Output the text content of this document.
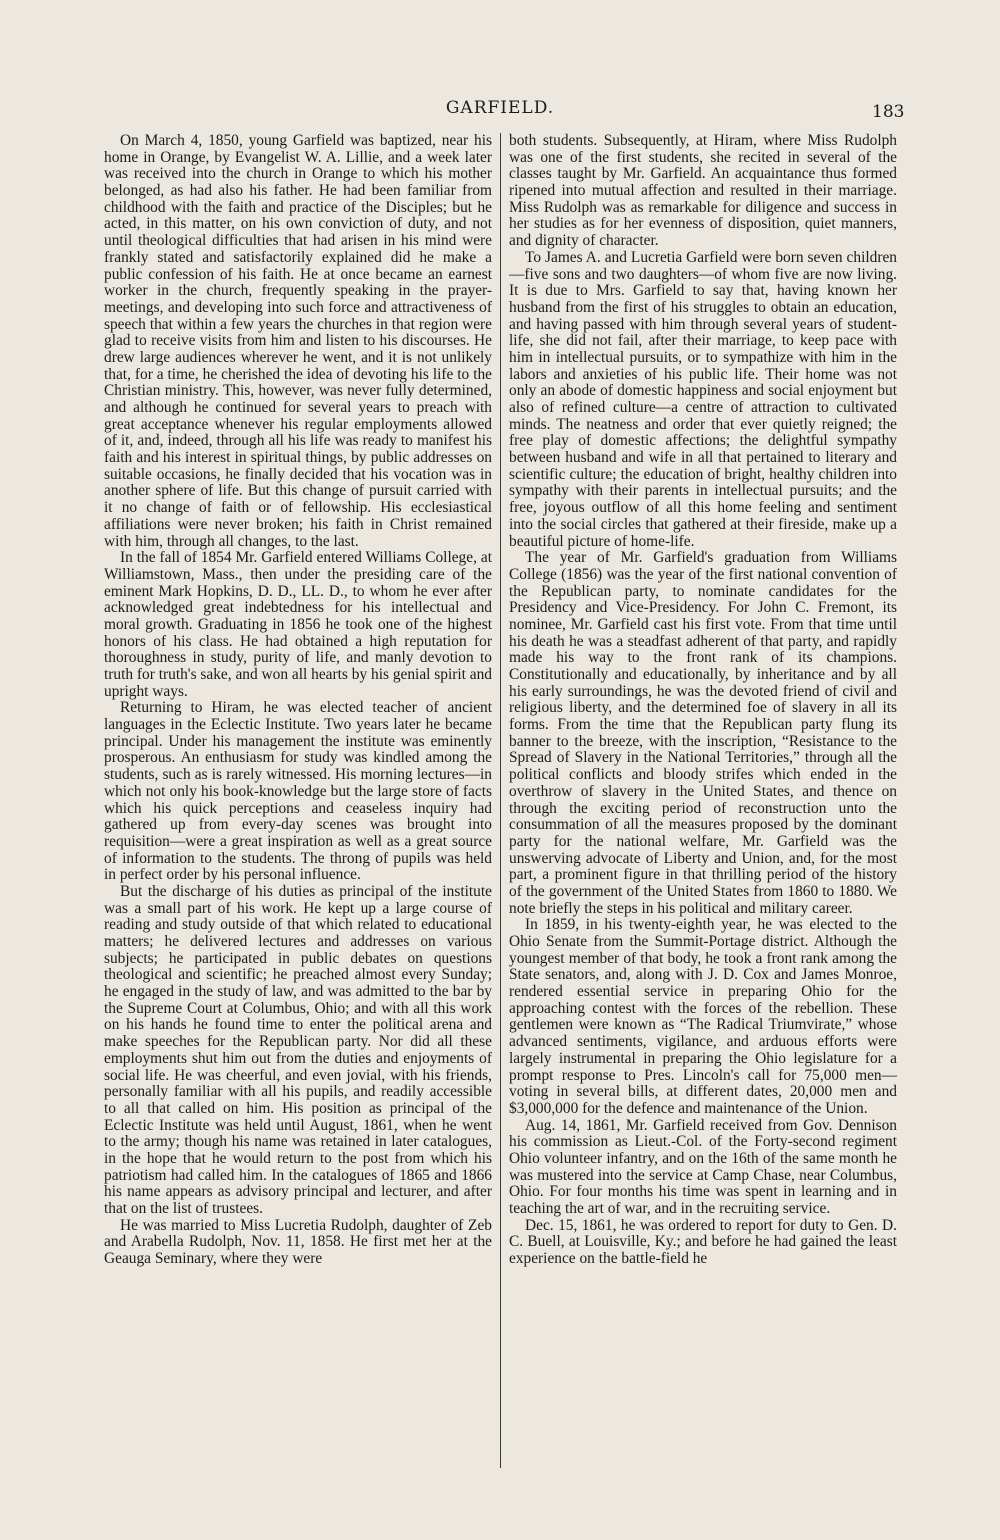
GARFIELD.	183

On March 4, 1850, young Garfield was baptized, near his home in Orange, by Evangelist W. A. Lillie, and a week later was received into the church in Orange to which his mother belonged, as had also his father. He had been familiar from childhood with the faith and practice of the Disciples; but he acted, in this matter, on his own conviction of duty, and not until theological difficulties that had arisen in his mind were frankly stated and satisfactorily explained did he make a public confession of his faith. He at once became an earnest worker in the church, frequently speaking in the prayer-meetings, and developing into such force and attractiveness of speech that within a few years the churches in that region were glad to receive visits from him and listen to his discourses. He drew large audiences wherever he went, and it is not unlikely that, for a time, he cherished the idea of devoting his life to the Christian ministry. This, however, was never fully determined, and although he continued for several years to preach with great acceptance whenever his regular employments allowed of it, and, indeed, through all his life was ready to manifest his faith and his interest in spiritual things, by public addresses on suitable occasions, he finally decided that his vocation was in another sphere of life. But this change of pursuit carried with it no change of faith or of fellowship. His ecclesiastical affiliations were never broken; his faith in Christ remained with him, through all changes, to the last.

In the fall of 1854 Mr. Garfield entered Williams College, at Williamstown, Mass., then under the presiding care of the eminent Mark Hopkins, D. D., LL. D., to whom he ever after acknowledged great indebtedness for his intellectual and moral growth. Graduating in 1856 he took one of the highest honors of his class. He had obtained a high reputation for thoroughness in study, purity of life, and manly devotion to truth for truth's sake, and won all hearts by his genial spirit and upright ways.

Returning to Hiram, he was elected teacher of ancient languages in the Eclectic Institute. Two years later he became principal. Under his management the institute was eminently prosperous. An enthusiasm for study was kindled among the students, such as is rarely witnessed. His morning lectures—in which not only his book-knowledge but the large store of facts which his quick perceptions and ceaseless inquiry had gathered up from every-day scenes was brought into requisition—were a great inspiration as well as a great source of information to the students. The throng of pupils was held in perfect order by his personal influence.

But the discharge of his duties as principal of the institute was a small part of his work. He kept up a large course of reading and study outside of that which related to educational matters; he delivered lectures and addresses on various subjects; he participated in public debates on questions theological and scientific; he preached almost every Sunday; he engaged in the study of law, and was admitted to the bar by the Supreme Court at Columbus, Ohio; and with all this work on his hands he found time to enter the political arena and make speeches for the Republican party. Nor did all these employments shut him out from the duties and enjoyments of social life. He was cheerful, and even jovial, with his friends, personally familiar with all his pupils, and readily accessible to all that called on him. His position as principal of the Eclectic Institute was held until August, 1861, when he went to the army; though his name was retained in later catalogues, in the hope that he would return to the post from which his patriotism had called him. In the catalogues of 1865 and 1866 his name appears as advisory principal and lecturer, and after that on the list of trustees.

He was married to Miss Lucretia Rudolph, daughter of Zeb and Arabella Rudolph, Nov. 11, 1858. He first met her at the Geauga Seminary, where they were

both students. Subsequently, at Hiram, where Miss Rudolph was one of the first students, she recited in several of the classes taught by Mr. Garfield. An acquaintance thus formed ripened into mutual affection and resulted in their marriage. Miss Rudolph was as remarkable for diligence and success in her studies as for her evenness of disposition, quiet manners, and dignity of character.

To James A. and Lucretia Garfield were born seven children—five sons and two daughters—of whom five are now living. It is due to Mrs. Garfield to say that, having known her husband from the first of his struggles to obtain an education, and having passed with him through several years of student-life, she did not fail, after their marriage, to keep pace with him in intellectual pursuits, or to sympathize with him in the labors and anxieties of his public life. Their home was not only an abode of domestic happiness and social enjoyment but also of refined culture—a centre of attraction to cultivated minds. The neatness and order that ever quietly reigned; the free play of domestic affections; the delightful sympathy between husband and wife in all that pertained to literary and scientific culture; the education of bright, healthy children into sympathy with their parents in intellectual pursuits; and the free, joyous outflow of all this home feeling and sentiment into the social circles that gathered at their fireside, make up a beautiful picture of home-life.

The year of Mr. Garfield's graduation from Williams College (1856) was the year of the first national convention of the Republican party, to nominate candidates for the Presidency and Vice-Presidency. For John C. Fremont, its nominee, Mr. Garfield cast his first vote. From that time until his death he was a steadfast adherent of that party, and rapidly made his way to the front rank of its champions. Constitutionally and educationally, by inheritance and by all his early surroundings, he was the devoted friend of civil and religious liberty, and the determined foe of slavery in all its forms. From the time that the Republican party flung its banner to the breeze, with the inscription, “Resistance to the Spread of Slavery in the National Territories,” through all the political conflicts and bloody strifes which ended in the overthrow of slavery in the United States, and thence on through the exciting period of reconstruction unto the consummation of all the measures proposed by the dominant party for the national welfare, Mr. Garfield was the unswerving advocate of Liberty and Union, and, for the most part, a prominent figure in that thrilling period of the history of the government of the United States from 1860 to 1880. We note briefly the steps in his political and military career.

In 1859, in his twenty-eighth year, he was elected to the Ohio Senate from the Summit-Portage district. Although the youngest member of that body, he took a front rank among the State senators, and, along with J. D. Cox and James Monroe, rendered essential service in preparing Ohio for the approaching contest with the forces of the rebellion. These gentlemen were known as “The Radical Triumvirate,” whose advanced sentiments, vigilance, and arduous efforts were largely instrumental in preparing the Ohio legislature for a prompt response to Pres. Lincoln's call for 75,000 men—voting in several bills, at different dates, 20,000 men and $3,000,000 for the defence and maintenance of the Union.

Aug. 14, 1861, Mr. Garfield received from Gov. Dennison his commission as Lieut.-Col. of the Forty-second regiment Ohio volunteer infantry, and on the 16th of the same month he was mustered into the service at Camp Chase, near Columbus, Ohio. For four months his time was spent in learning and in teaching the art of war, and in the recruiting service.

Dec. 15, 1861, he was ordered to report for duty to Gen. D. C. Buell, at Louisville, Ky.; and before he had gained the least experience on the battle-field he
